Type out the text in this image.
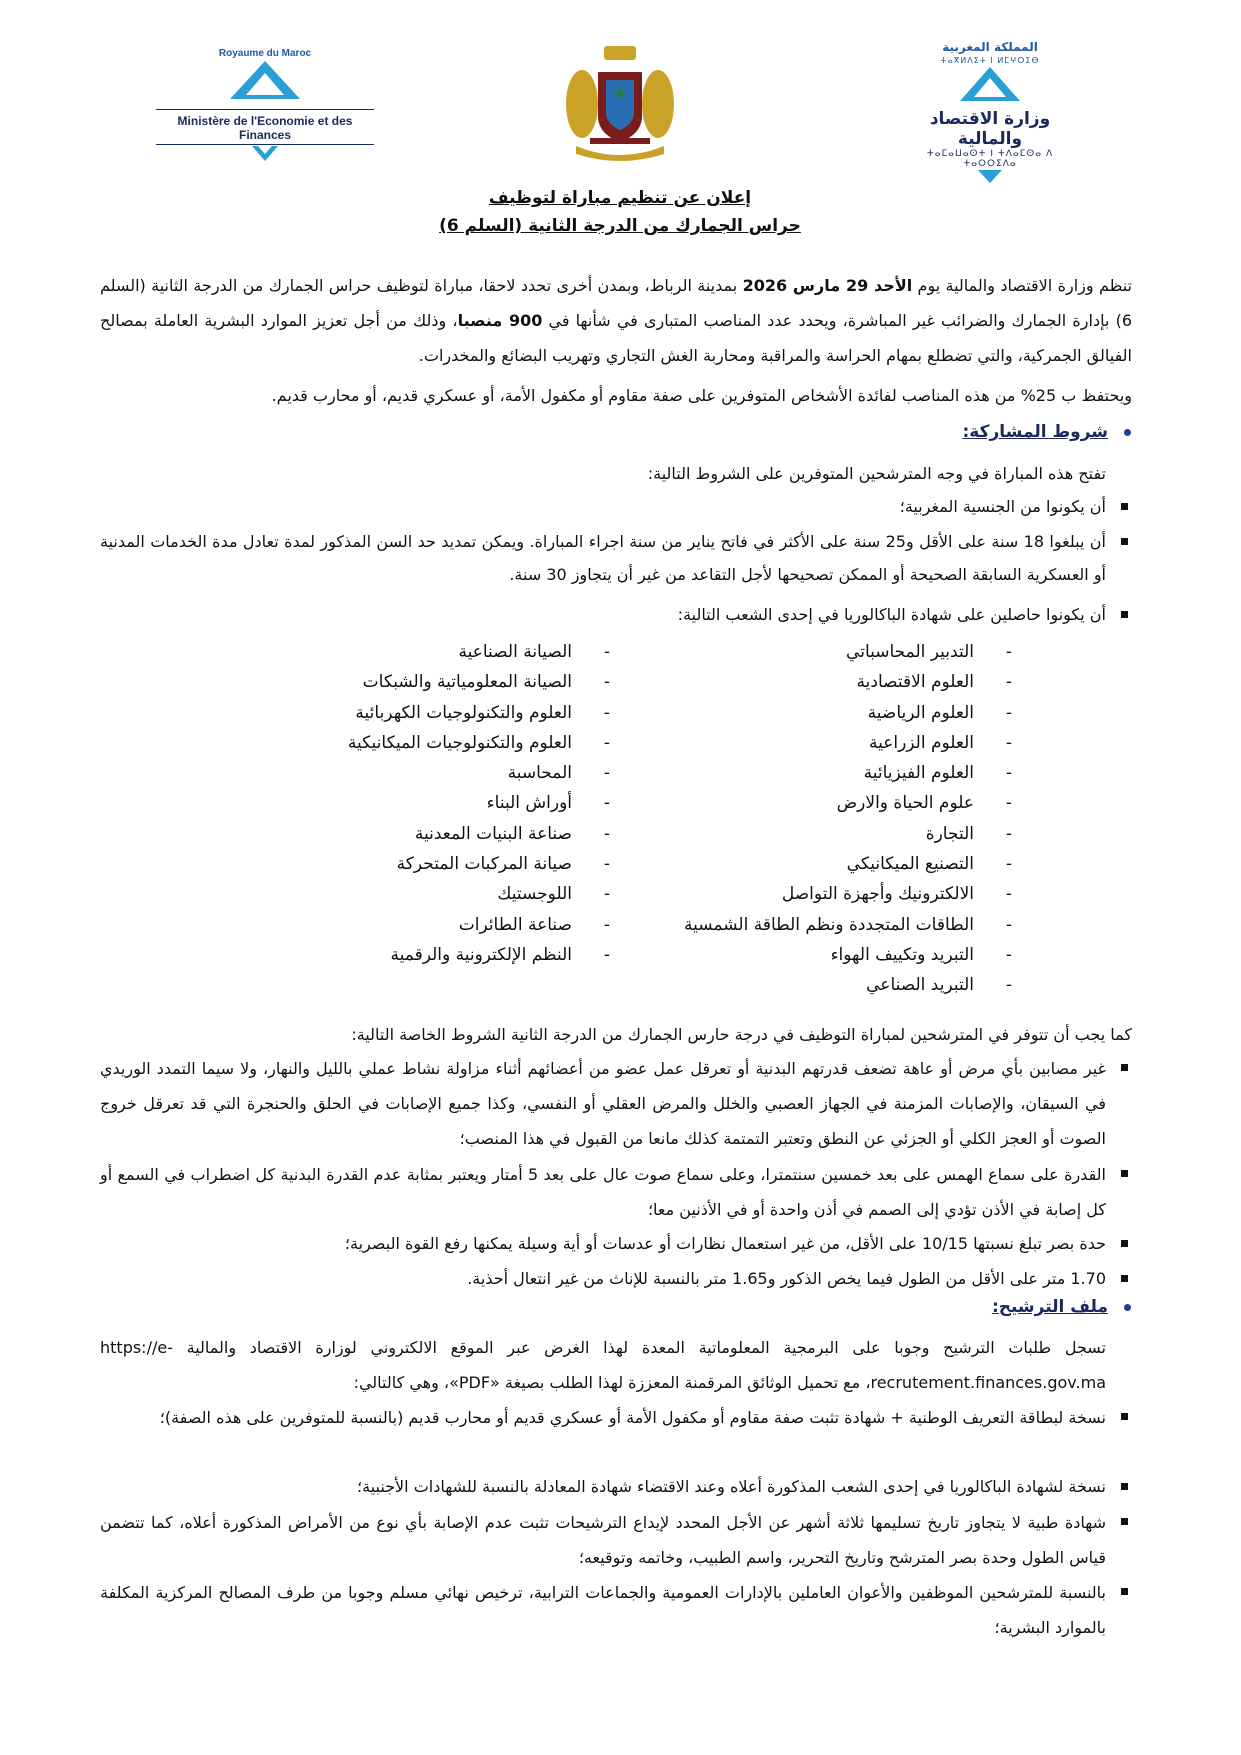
Royaume du Maroc
Ministère de l'Economie et des Finances
المملكة المغربية
ⵜⴰⴳⵍⴷⵉⵜ ⵏ ⵍⵎⵖⵔⵉⴱ
وزارة الاقتصاد والمالية
ⵜⴰⵎⴰⵡⴰⵙⵜ ⵏ ⵜⴷⴰⵎⵙⴰ ⴷ ⵜⴰⵔⵔⵉⴷⴰ
إعلان عن تنظيم مباراة لتوظيف
حراس الجمارك من الدرجة الثانية (السلم 6)
تنظم وزارة الاقتصاد والمالية يوم الأحد 29 مارس 2026 بمدينة الرباط، وبمدن أخرى تحدد لاحقا، مباراة لتوظيف حراس الجمارك من الدرجة الثانية (السلم 6) بإدارة الجمارك والضرائب غير المباشرة، ويحدد عدد المناصب المتبارى في شأنها في 900 منصبا، وذلك من أجل تعزيز الموارد البشرية العاملة بمصالح الفيالق الجمركية، والتي تضطلع بمهام الحراسة والمراقبة ومحاربة الغش التجاري وتهريب البضائع والمخدرات.
ويحتفظ ب 25% من هذه المناصب لفائدة الأشخاص المتوفرين على صفة مقاوم أو مكفول الأمة، أو عسكري قديم، أو محارب قديم.
شروط المشاركة:
تفتح هذه المباراة في وجه المترشحين المتوفرين على الشروط التالية:
أن يكونوا من الجنسية المغربية؛
أن يبلغوا 18 سنة على الأقل و25 سنة على الأكثر في فاتح يناير من سنة اجراء المباراة. ويمكن تمديد حد السن المذكور لمدة تعادل مدة الخدمات المدنية أو العسكرية السابقة الصحيحة أو الممكن تصحيحها لأجل التقاعد من غير أن يتجاوز 30 سنة.
أن يكونوا حاصلين على شهادة الباكالوريا في إحدى الشعب التالية:
- التدبير المحاسباتي
- العلوم الاقتصادية
- العلوم الرياضية
- العلوم الزراعية
- العلوم الفيزيائية
- علوم الحياة والارض
- التجارة
- التصنيع الميكانيكي
- الالكترونيك وأجهزة التواصل
- الطاقات المتجددة ونظم الطاقة الشمسية
- التبريد وتكييف الهواء
- التبريد الصناعي
- الصيانة الصناعية
- الصيانة المعلومياتية والشبكات
- العلوم والتكنولوجيات الكهربائية
- العلوم والتكنولوجيات الميكانيكية
- المحاسبة
- أوراش البناء
- صناعة البنيات المعدنية
- صيانة المركبات المتحركة
- اللوجستيك
- صناعة الطائرات
- النظم الإلكترونية والرقمية
كما يجب أن تتوفر في المترشحين لمباراة التوظيف في درجة حارس الجمارك من الدرجة الثانية الشروط الخاصة التالية:
غير مصابين بأي مرض أو عاهة تضعف قدرتهم البدنية أو تعرقل عمل عضو من أعضائهم أثناء مزاولة نشاط عملي بالليل والنهار، ولا سيما التمدد الوريدي في السيقان، والإصابات المزمنة في الجهاز العصبي والخلل والمرض العقلي أو النفسي، وكذا جميع الإصابات في الحلق والحنجرة التي قد تعرقل خروج الصوت أو العجز الكلي أو الجزئي عن النطق وتعتبر التمتمة كذلك مانعا من القبول في هذا المنصب؛
القدرة على سماع الهمس على بعد خمسين سنتمترا، وعلى سماع صوت عال على بعد 5 أمتار ويعتبر بمثابة عدم القدرة البدنية كل اضطراب في السمع أو كل إصابة في الأذن تؤدي إلى الصمم في أذن واحدة أو في الأذنين معا؛
حدة بصر تبلغ نسبتها 10/15 على الأقل، من غير استعمال نظارات أو عدسات أو أية وسيلة يمكنها رفع القوة البصرية؛
1.70 متر على الأقل من الطول فيما يخص الذكور و1.65 متر بالنسبة للإناث من غير انتعال أحذية.
ملف الترشيح:
تسجل طلبات الترشيح وجوبا على البرمجية المعلوماتية المعدة لهذا الغرض عبر الموقع الالكتروني لوزارة الاقتصاد والمالية https://e-recrutement.finances.gov.ma، مع تحميل الوثائق المرقمنة المعززة لهذا الطلب بصيغة «PDF»، وهي كالتالي:
نسخة لبطاقة التعريف الوطنية + شهادة تثبت صفة مقاوم أو مكفول الأمة أو عسكري قديم أو محارب قديم (بالنسبة للمتوفرين على هذه الصفة)؛
نسخة لشهادة الباكالوريا في إحدى الشعب المذكورة أعلاه وعند الاقتضاء شهادة المعادلة بالنسبة للشهادات الأجنبية؛
شهادة طبية لا يتجاوز تاريخ تسليمها ثلاثة أشهر عن الأجل المحدد لإيداع الترشيحات تثبت عدم الإصابة بأي نوع من الأمراض المذكورة أعلاه، كما تتضمن قياس الطول وحدة بصر المترشح وتاريخ التحرير، واسم الطبيب، وخاتمه وتوقيعه؛
بالنسبة للمترشحين الموظفين والأعوان العاملين بالإدارات العمومية والجماعات الترابية، ترخيص نهائي مسلم وجوبا من طرف المصالح المركزية المكلفة بالموارد البشرية؛
